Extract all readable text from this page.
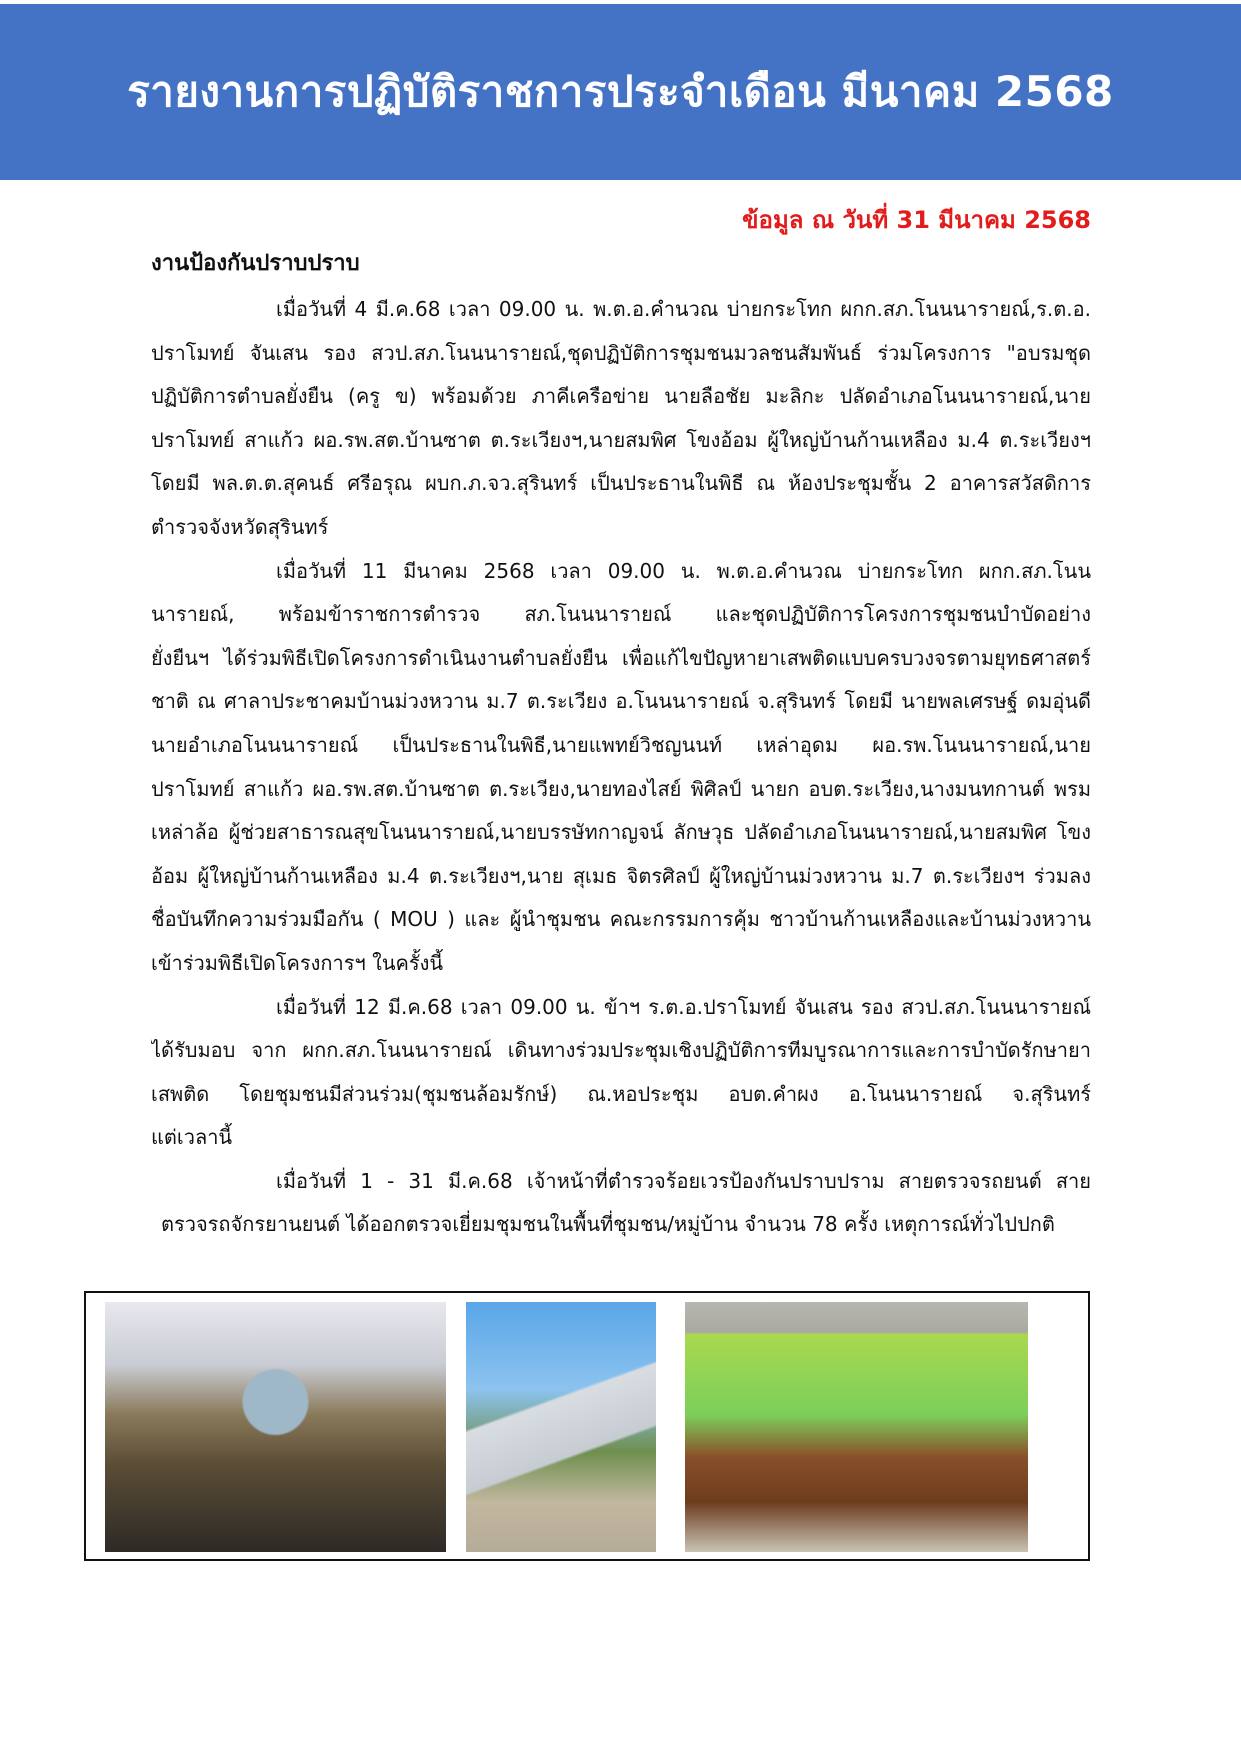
รายงานการปฏิบัติราชการประจำเดือน มีนาคม 2568
ข้อมูล ณ วันที่ 31 มีนาคม 2568
งานป้องกันปราบปราบ
เมื่อวันที่ 4 มี.ค.68 เวลา 09.00 น. พ.ต.อ.คำนวณ บ่ายกระโทก ผกก.สภ.โนนนารายณ์,ร.ต.อ.
ปราโมทย์ จันเสน รอง สวป.สภ.โนนนารายณ์,ชุดปฏิบัติการชุมชนมวลชนสัมพันธ์ ร่วมโครงการ "อบรมชุด
ปฏิบัติการตำบลยั่งยืน (ครู ข) พร้อมด้วย ภาคีเครือข่าย นายลือชัย มะลิกะ ปลัดอำเภอโนนนารายณ์,นาย
ปราโมทย์ สาแก้ว ผอ.รพ.สต.บ้านซาต ต.ระเวียงฯ,นายสมพิศ โขงอ้อม ผู้ใหญ่บ้านก้านเหลือง ม.4 ต.ระเวียงฯ
โดยมี พล.ต.ต.สุคนธ์ ศรีอรุณ ผบก.ภ.จว.สุรินทร์ เป็นประธานในพิธี ณ ห้องประชุมชั้น 2 อาคารสวัสดิการ
ตำรวจจังหวัดสุรินทร์
เมื่อวันที่ 11 มีนาคม 2568 เวลา 09.00 น. พ.ต.อ.คำนวณ บ่ายกระโทก ผกก.สภ.โนน
นารายณ์, พร้อมข้าราชการตำรวจ สภ.โนนนารายณ์ และชุดปฏิบัติการโครงการชุมชนบำบัดอย่าง
ยั่งยืนฯ ได้ร่วมพิธีเปิดโครงการดำเนินงานตำบลยั่งยืน เพื่อแก้ไขปัญหายาเสพติดแบบครบวงจรตามยุทธศาสตร์
ชาติ ณ ศาลาประชาคมบ้านม่วงหวาน ม.7 ต.ระเวียง อ.โนนนารายณ์ จ.สุรินทร์ โดยมี นายพลเศรษฐ์ ดมอุ่นดี
นายอำเภอโนนนารายณ์ เป็นประธานในพิธี,นายแพทย์วิชญนนท์ เหล่าอุดม ผอ.รพ.โนนนารายณ์,นาย
ปราโมทย์ สาแก้ว ผอ.รพ.สต.บ้านซาต ต.ระเวียง,นายทองไสย์ พิศิลป์ นายก อบต.ระเวียง,นางมนทกานต์ พรม
เหล่าล้อ ผู้ช่วยสาธารณสุขโนนนารายณ์,นายบรรษัทกาญจน์ ลักษวุธ ปลัดอำเภอโนนนารายณ์,นายสมพิศ โขง
อ้อม ผู้ใหญ่บ้านก้านเหลือง ม.4 ต.ระเวียงฯ,นาย สุเมธ จิตรศิลป์ ผู้ใหญ่บ้านม่วงหวาน ม.7 ต.ระเวียงฯ ร่วมลง
ชื่อบันทึกความร่วมมือกัน ( MOU ) และ ผู้นำชุมชน คณะกรรมการคุ้ม ชาวบ้านก้านเหลืองและบ้านม่วงหวาน
เข้าร่วมพิธีเปิดโครงการฯ ในครั้งนี้
เมื่อวันที่ 12 มี.ค.68 เวลา 09.00 น. ข้าฯ ร.ต.อ.ปราโมทย์ จันเสน รอง สวป.สภ.โนนนารายณ์
ได้รับมอบ จาก ผกก.สภ.โนนนารายณ์ เดินทางร่วมประชุมเชิงปฏิบัติการทีมบูรณาการและการบำบัดรักษายา
เสพติด โดยชุมชนมีส่วนร่วม(ชุมชนล้อมรักษ์) ณ.หอประชุม อบต.คำผง อ.โนนนารายณ์ จ.สุรินทร์
แต่เวลานี้
เมื่อวันที่ 1 - 31 มี.ค.68 เจ้าหน้าที่ตำรวจร้อยเวรป้องกันปราบปราม สายตรวจรถยนต์ สาย
ตรวจรถจักรยานยนต์ ได้ออกตรวจเยี่ยมชุมชนในพื้นที่ชุมชน/หมู่บ้าน จำนวน 78 ครั้ง เหตุการณ์ทั่วไปปกติ
